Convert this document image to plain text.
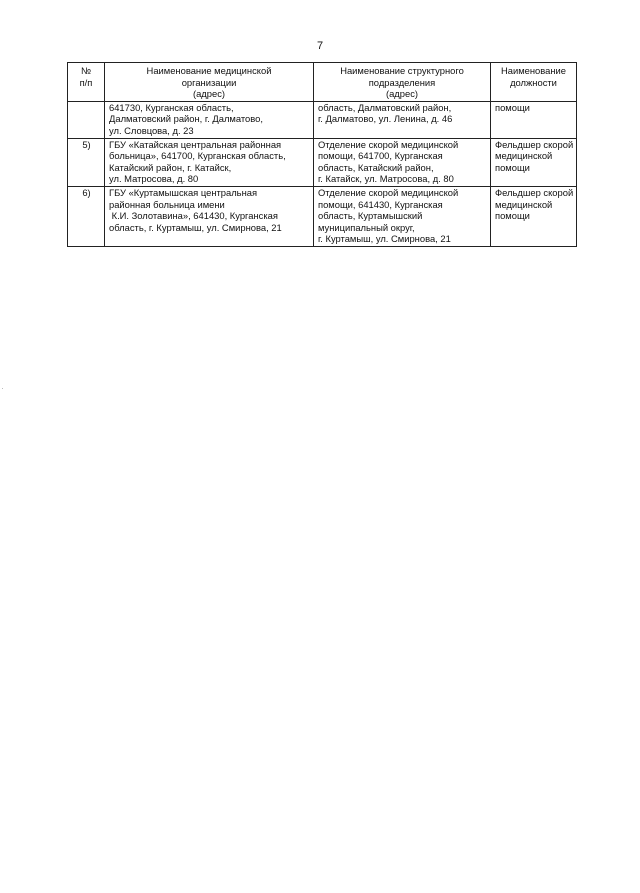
7
№
п/п	Наименование медицинской
организации
(адрес)	Наименование структурного
подразделения
(адрес)	Наименование
должности

	641730, Курганская область,
Далматовский район, г. Далматово,
ул. Словцова, д. 23	область, Далматовский район,
г. Далматово, ул. Ленина, д. 46	помощи

5)	ГБУ «Катайская центральная районная
больница», 641700, Курганская область,
Катайский район, г. Катайск,
ул. Матросова, д. 80	Отделение скорой медицинской
помощи, 641700, Курганская
область, Катайский район,
г. Катайск, ул. Матросова, д. 80	Фельдшер скорой
медицинской
помощи

6)	ГБУ «Куртамышская центральная
районная больница имени
К.И. Золотавина», 641430, Курганская
область, г. Куртамыш, ул. Смирнова, 21	Отделение скорой медицинской
помощи, 641430, Курганская
область, Куртамышский
муниципальный округ,
г. Куртамыш, ул. Смирнова, 21	Фельдшер скорой
медицинской
помощи
